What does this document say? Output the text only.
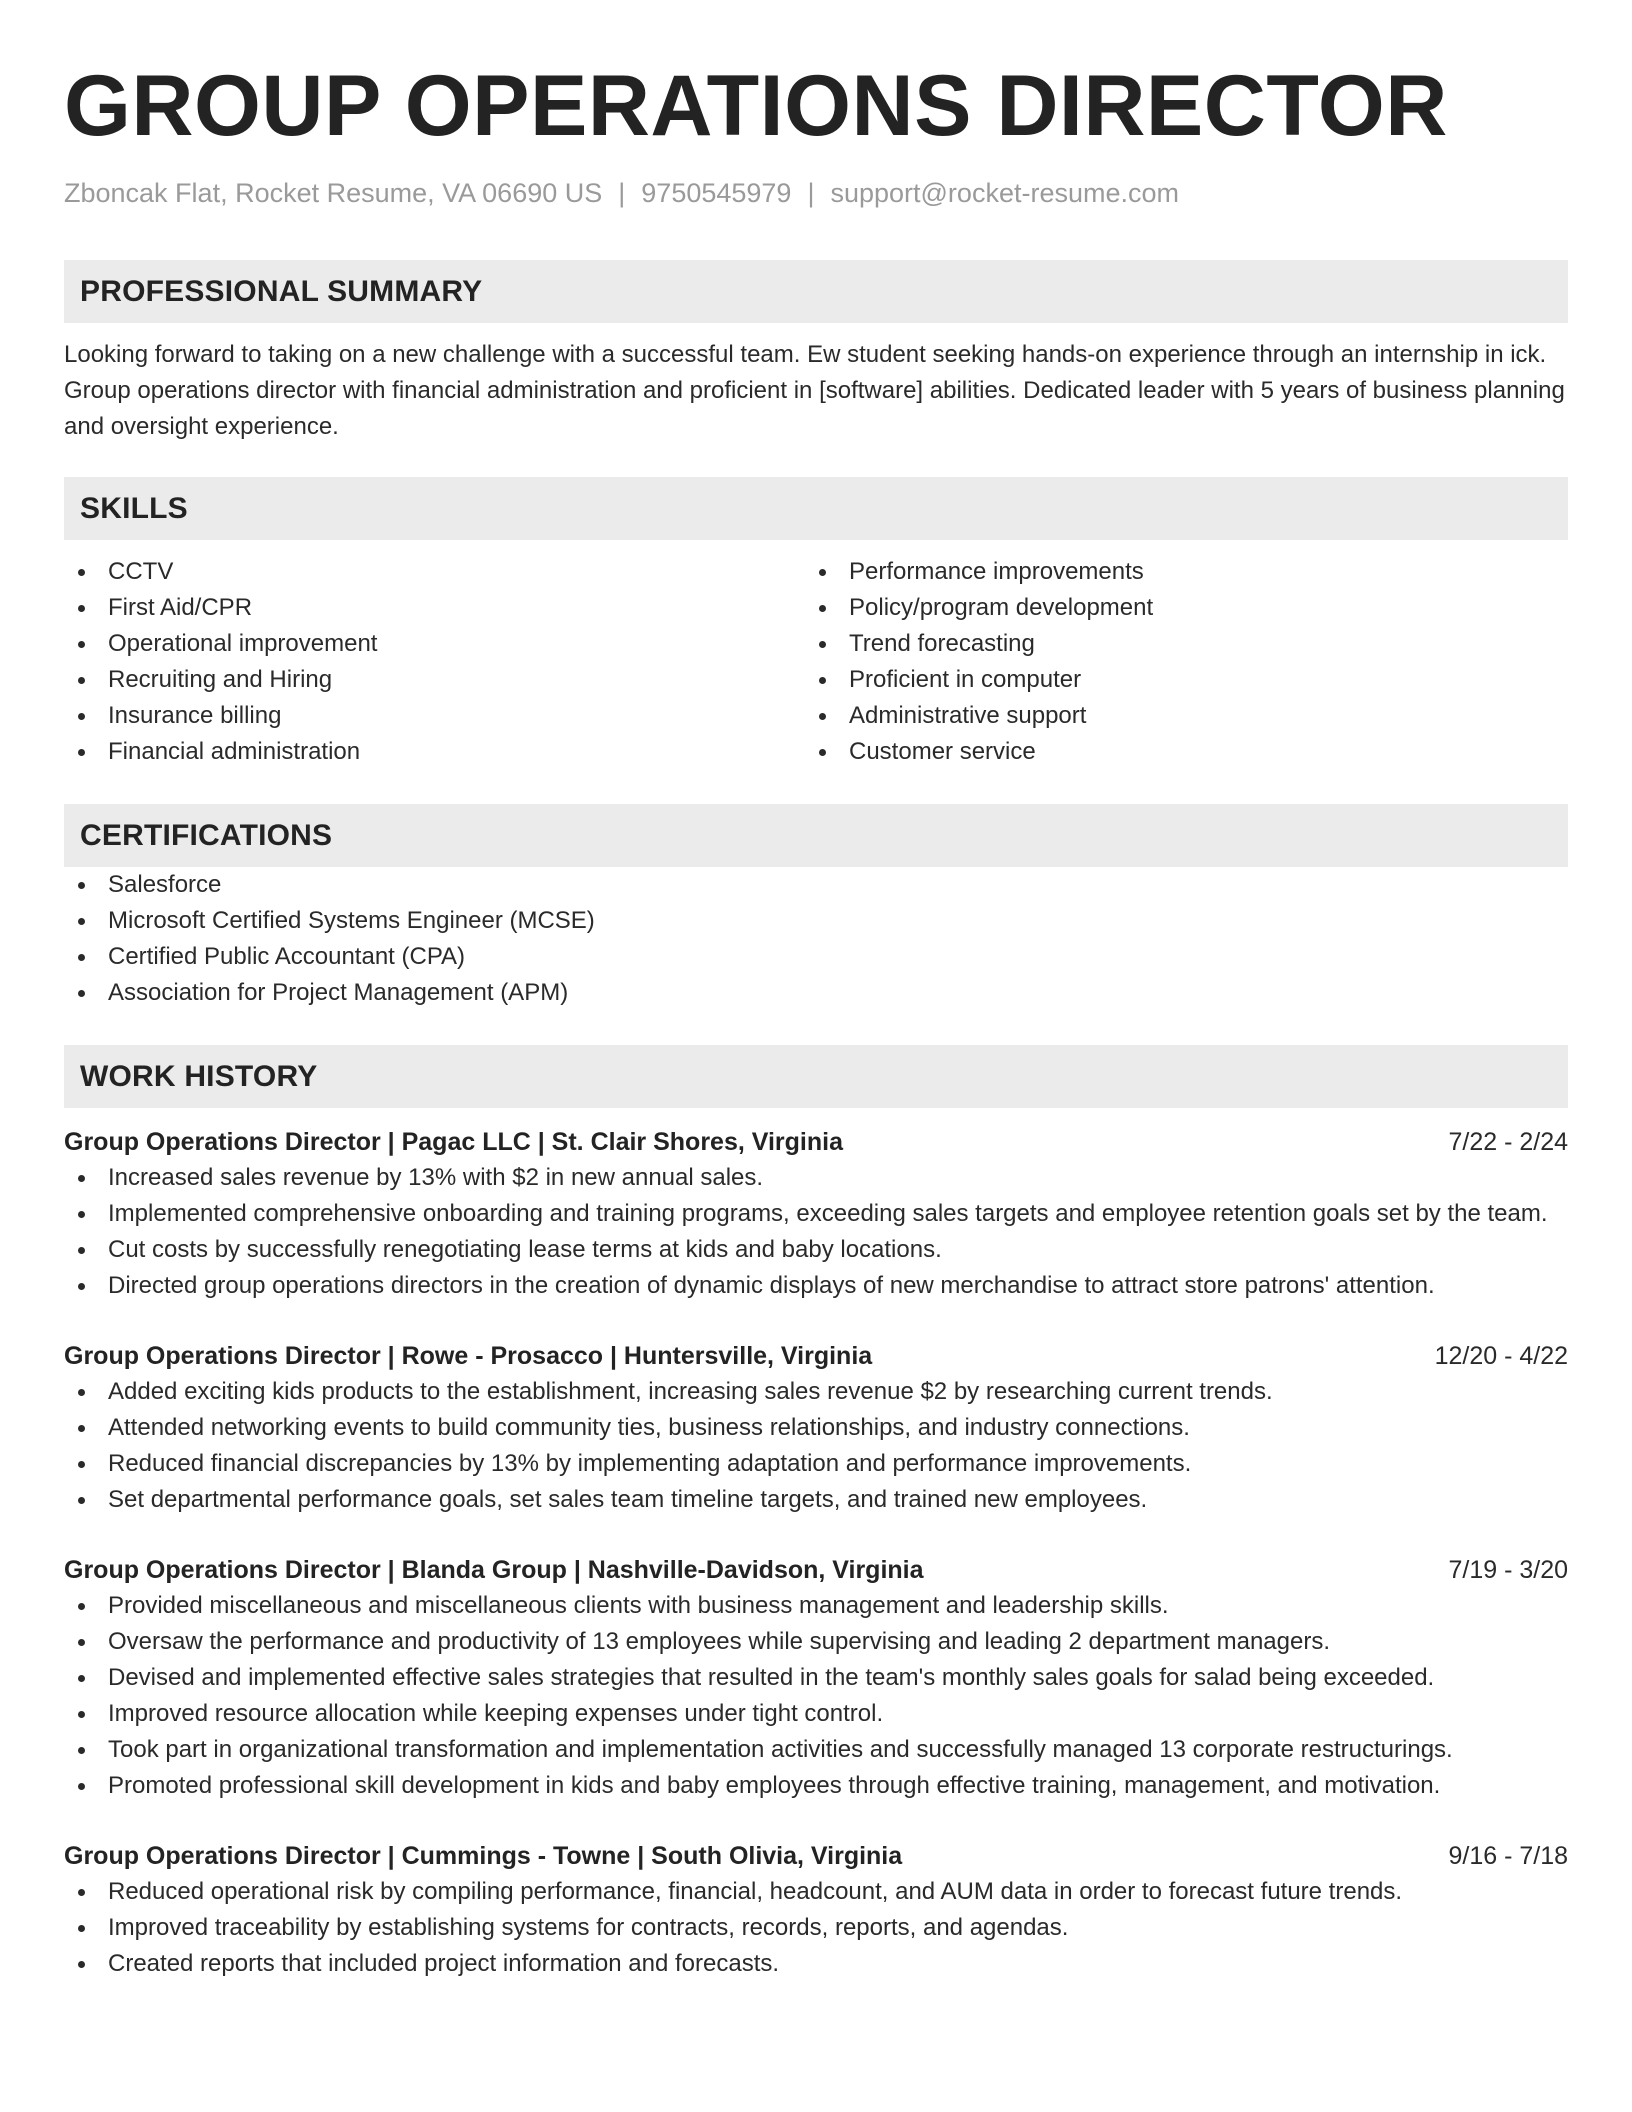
GROUP OPERATIONS DIRECTOR
Zboncak Flat, Rocket Resume, VA 06690 US | 9750545979 | support@rocket-resume.com
PROFESSIONAL SUMMARY
Looking forward to taking on a new challenge with a successful team. Ew student seeking hands-on experience through an internship in ick. Group operations director with financial administration and proficient in [software] abilities. Dedicated leader with 5 years of business planning and oversight experience.
SKILLS
CCTV
First Aid/CPR
Operational improvement
Recruiting and Hiring
Insurance billing
Financial administration
Performance improvements
Policy/program development
Trend forecasting
Proficient in computer
Administrative support
Customer service
CERTIFICATIONS
Salesforce
Microsoft Certified Systems Engineer (MCSE)
Certified Public Accountant (CPA)
Association for Project Management (APM)
WORK HISTORY
Group Operations Director | Pagac LLC | St. Clair Shores, Virginia	7/22 - 2/24
Increased sales revenue by 13% with $2 in new annual sales.
Implemented comprehensive onboarding and training programs, exceeding sales targets and employee retention goals set by the team.
Cut costs by successfully renegotiating lease terms at kids and baby locations.
Directed group operations directors in the creation of dynamic displays of new merchandise to attract store patrons' attention.
Group Operations Director | Rowe - Prosacco | Huntersville, Virginia	12/20 - 4/22
Added exciting kids products to the establishment, increasing sales revenue $2 by researching current trends.
Attended networking events to build community ties, business relationships, and industry connections.
Reduced financial discrepancies by 13% by implementing adaptation and performance improvements.
Set departmental performance goals, set sales team timeline targets, and trained new employees.
Group Operations Director | Blanda Group | Nashville-Davidson, Virginia	7/19 - 3/20
Provided miscellaneous and miscellaneous clients with business management and leadership skills.
Oversaw the performance and productivity of 13 employees while supervising and leading 2 department managers.
Devised and implemented effective sales strategies that resulted in the team's monthly sales goals for salad being exceeded.
Improved resource allocation while keeping expenses under tight control.
Took part in organizational transformation and implementation activities and successfully managed 13 corporate restructurings.
Promoted professional skill development in kids and baby employees through effective training, management, and motivation.
Group Operations Director | Cummings - Towne | South Olivia, Virginia	9/16 - 7/18
Reduced operational risk by compiling performance, financial, headcount, and AUM data in order to forecast future trends.
Improved traceability by establishing systems for contracts, records, reports, and agendas.
Created reports that included project information and forecasts.
